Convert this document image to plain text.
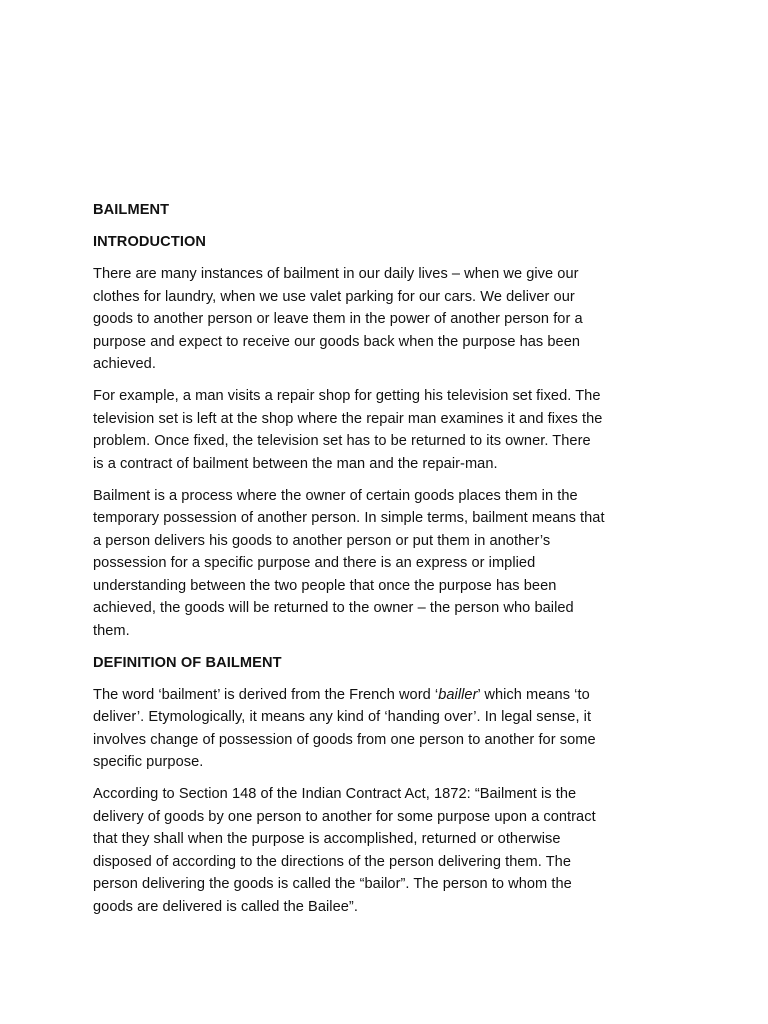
BAILMENT
INTRODUCTION
There are many instances of bailment in our daily lives – when we give our
clothes for laundry, when we use valet parking for our cars. We deliver our
goods to another person or leave them in the power of another person for a
purpose and expect to receive our goods back when the purpose has been
achieved.
For example, a man visits a repair shop for getting his television set fixed. The
television set is left at the shop where the repair man examines it and fixes the
problem. Once fixed, the television set has to be returned to its owner. There
is a contract of bailment between the man and the repair-man.
Bailment is a process where the owner of certain goods places them in the
temporary possession of another person. In simple terms, bailment means that
a person delivers his goods to another person or put them in another’s
possession for a specific purpose and there is an express or implied
understanding between the two people that once the purpose has been
achieved, the goods will be returned to the owner – the person who bailed
them.
DEFINITION OF BAILMENT
The word ‘bailment’ is derived from the French word ‘bailler’ which means ‘to
deliver’. Etymologically, it means any kind of ‘handing over’. In legal sense, it
involves change of possession of goods from one person to another for some
specific purpose.
According to Section 148 of the Indian Contract Act, 1872: “Bailment is the
delivery of goods by one person to another for some purpose upon a contract
that they shall when the purpose is accomplished, returned or otherwise
disposed of according to the directions of the person delivering them. The
person delivering the goods is called the “bailor”. The person to whom the
goods are delivered is called the Bailee”.
